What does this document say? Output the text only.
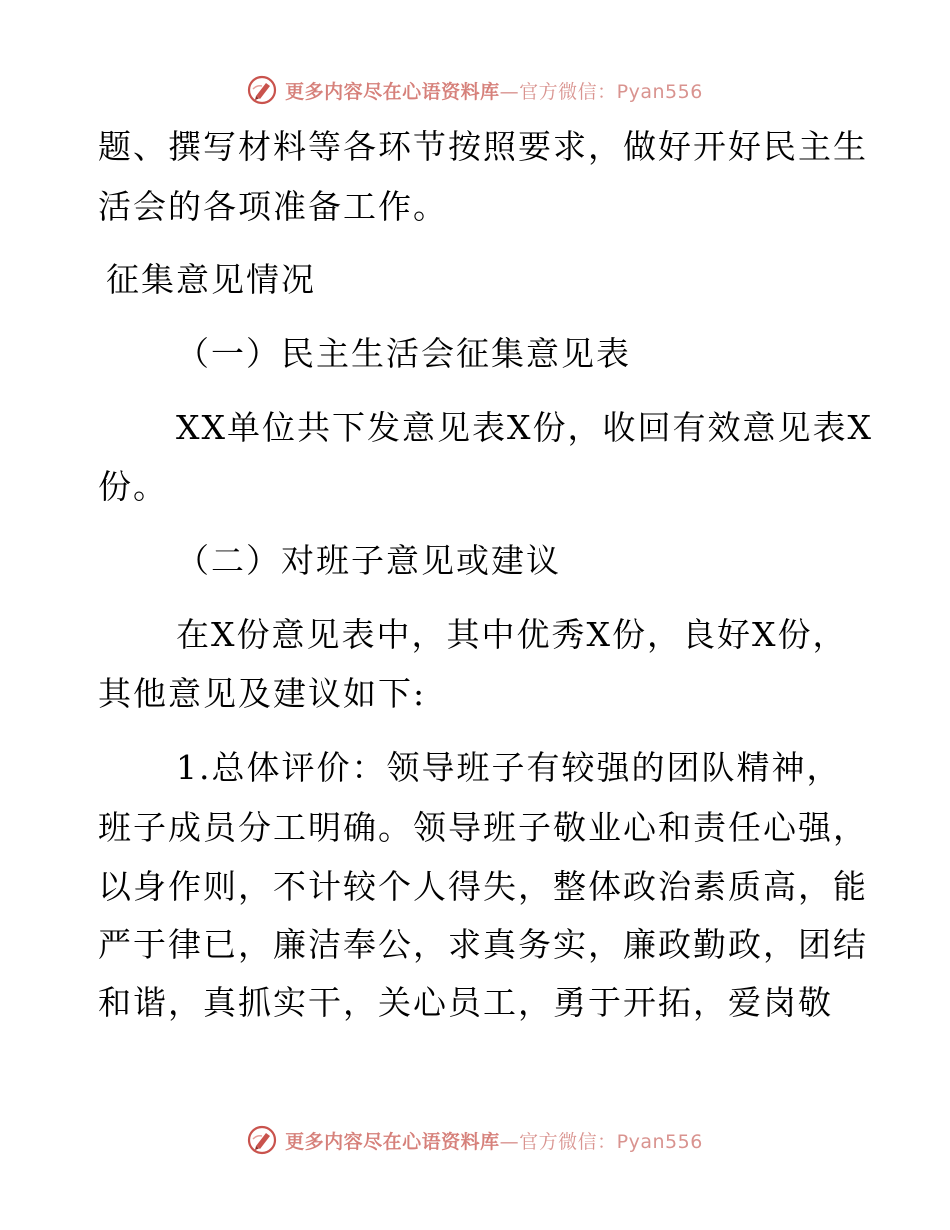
更多内容尽在心语资料库—官方微信：Pyan556
题、撰写材料等各环节按照要求，做好开好民主生
活会的各项准备工作。
征集意见情况
（一）民主生活会征集意见表
XX单位共下发意见表X份，收回有效意见表X
份。
（二）对班子意见或建议
在X份意见表中，其中优秀X份，良好X份，
其他意见及建议如下:
1.总体评价：领导班子有较强的团队精神，
班子成员分工明确。领导班子敬业心和责任心强，
以身作则，不计较个人得失，整体政治素质高，能
严于律已，廉洁奉公，求真务实，廉政勤政，团结
和谐，真抓实干，关心员工，勇于开拓，爱岗敬
更多内容尽在心语资料库—官方微信：Pyan556
